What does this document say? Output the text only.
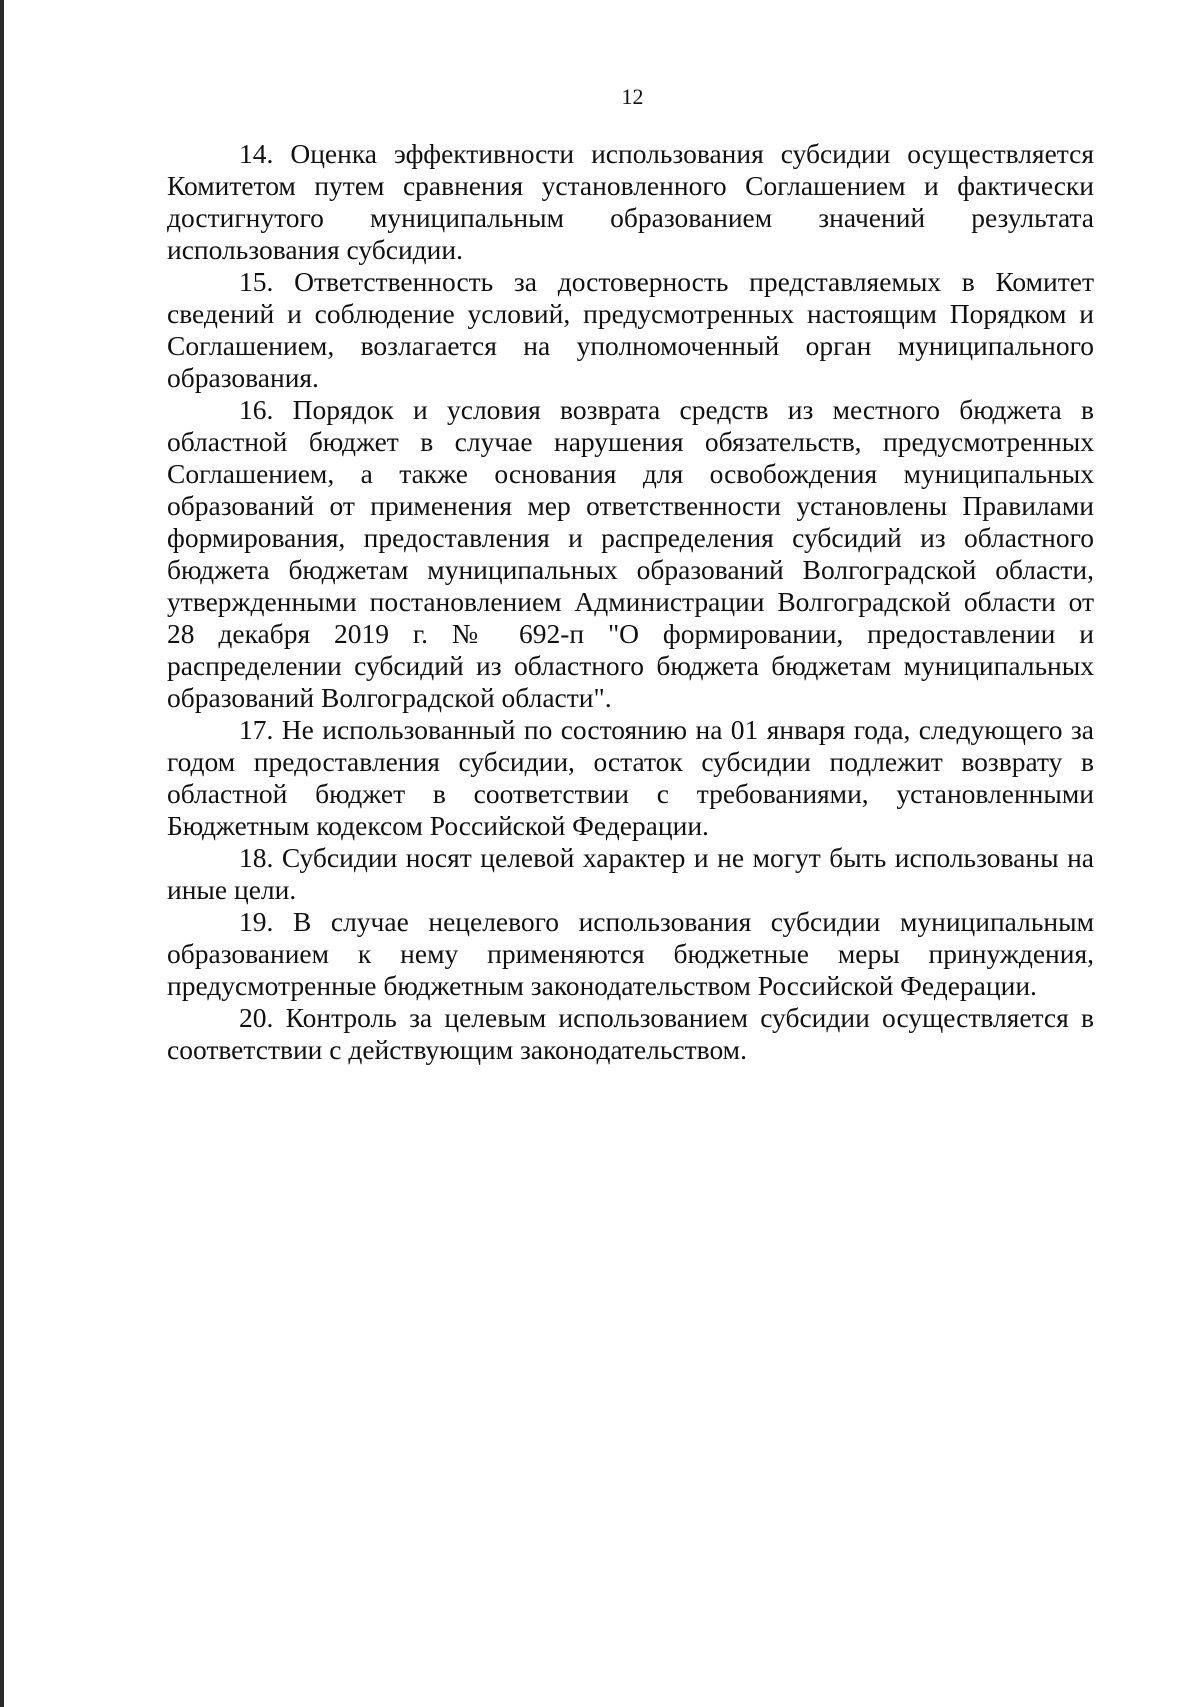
12

14. Оценка эффективности использования субсидии осуществляется Комитетом путем сравнения установленного Соглашением и фактически достигнутого муниципальным образованием значений результата использования субсидии.

15. Ответственность за достоверность представляемых в Комитет сведений и соблюдение условий, предусмотренных настоящим Порядком и Соглашением, возлагается на уполномоченный орган муниципального образования.

16. Порядок и условия возврата средств из местного бюджета в областной бюджет в случае нарушения обязательств, предусмотренных Соглашением, а также основания для освобождения муниципальных образований от применения мер ответственности установлены Правилами формирования, предоставления и распределения субсидий из областного бюджета бюджетам муниципальных образований Волгоградской области, утвержденными постановлением Администрации Волгоградской области от 28 декабря 2019 г. № 692-п "О формировании, предоставлении и распределении субсидий из областного бюджета бюджетам муниципальных образований Волгоградской области".

17. Не использованный по состоянию на 01 января года, следующего за годом предоставления субсидии, остаток субсидии подлежит возврату в областной бюджет в соответствии с требованиями, установленными Бюджетным кодексом Российской Федерации.

18. Субсидии носят целевой характер и не могут быть использованы на иные цели.

19. В случае нецелевого использования субсидии муниципальным образованием к нему применяются бюджетные меры принуждения, предусмотренные бюджетным законодательством Российской Федерации.

20. Контроль за целевым использованием субсидии осуществляется в соответствии с действующим законодательством.
